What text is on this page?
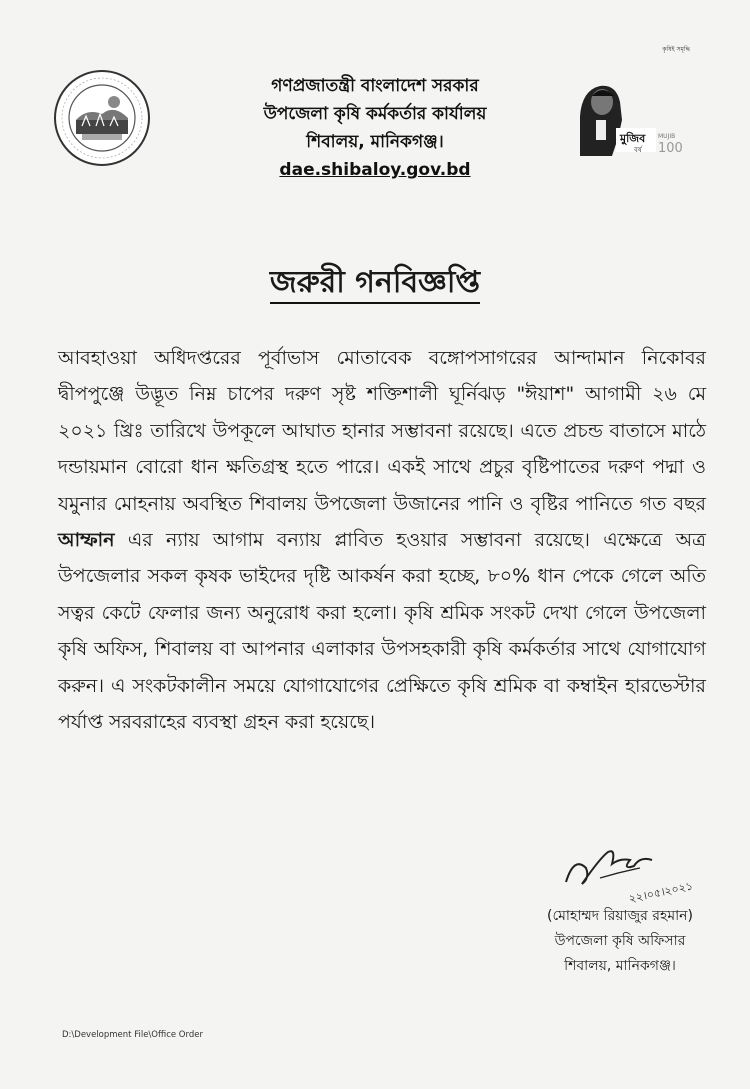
কৃষিই সমৃদ্ধি
গণপ্রজাতন্ত্রী বাংলাদেশ সরকার
উপজেলা কৃষি কর্মকর্তার কার্যালয়
শিবালয়, মানিকগঞ্জ।
dae.shibaloy.gov.bd
মুজিব
বর্ষ
MUJIB
100
জরুরী গনবিজ্ঞপ্তি
আবহাওয়া অধিদপ্তরের পূর্বাভাস মোতাবেক বঙ্গোপসাগরের আন্দামান নিকোবর দ্বীপপুঞ্জে উদ্ভূত নিম্ন চাপের দরুণ সৃষ্ট শক্তিশালী ঘূর্নিঝড় "ঈয়াশ" আগামী ২৬ মে ২০২১ খ্রিঃ তারিখে উপকূলে আঘাত হানার সম্ভাবনা রয়েছে। এতে প্রচন্ড বাতাসে মাঠে দন্ডায়মান বোরো ধান ক্ষতিগ্রস্থ হতে পারে। একই সাথে প্রচুর বৃষ্টিপাতের দরুণ পদ্মা ও যমুনার মোহনায় অবস্থিত শিবালয় উপজেলা উজানের পানি ও বৃষ্টির পানিতে গত বছর আম্ফান এর ন্যায় আগাম বন্যায় প্লাবিত হওয়ার সম্ভাবনা রয়েছে। এক্ষেত্রে অত্র উপজেলার সকল কৃষক ভাইদের দৃষ্টি আকর্ষন করা হচ্ছে, ৮০% ধান পেকে গেলে অতি সত্বর কেটে ফেলার জন্য অনুরোধ করা হলো। কৃষি শ্রমিক সংকট দেখা গেলে উপজেলা কৃষি অফিস, শিবালয় বা আপনার এলাকার উপসহকারী কৃষি কর্মকর্তার সাথে যোগাযোগ করুন। এ সংকটকালীন সময়ে যোগাযোগের প্রেক্ষিতে কৃষি শ্রমিক বা কম্বাইন হারভেস্টার পর্যাপ্ত সরবরাহের ব্যবস্থা গ্রহন করা হয়েছে।
২২।০৫।২০২১
(মোহাম্মদ রিয়াজুর রহমান)
উপজেলা কৃষি অফিসার
শিবালয়, মানিকগঞ্জ।
D:\Development File\Office Order
